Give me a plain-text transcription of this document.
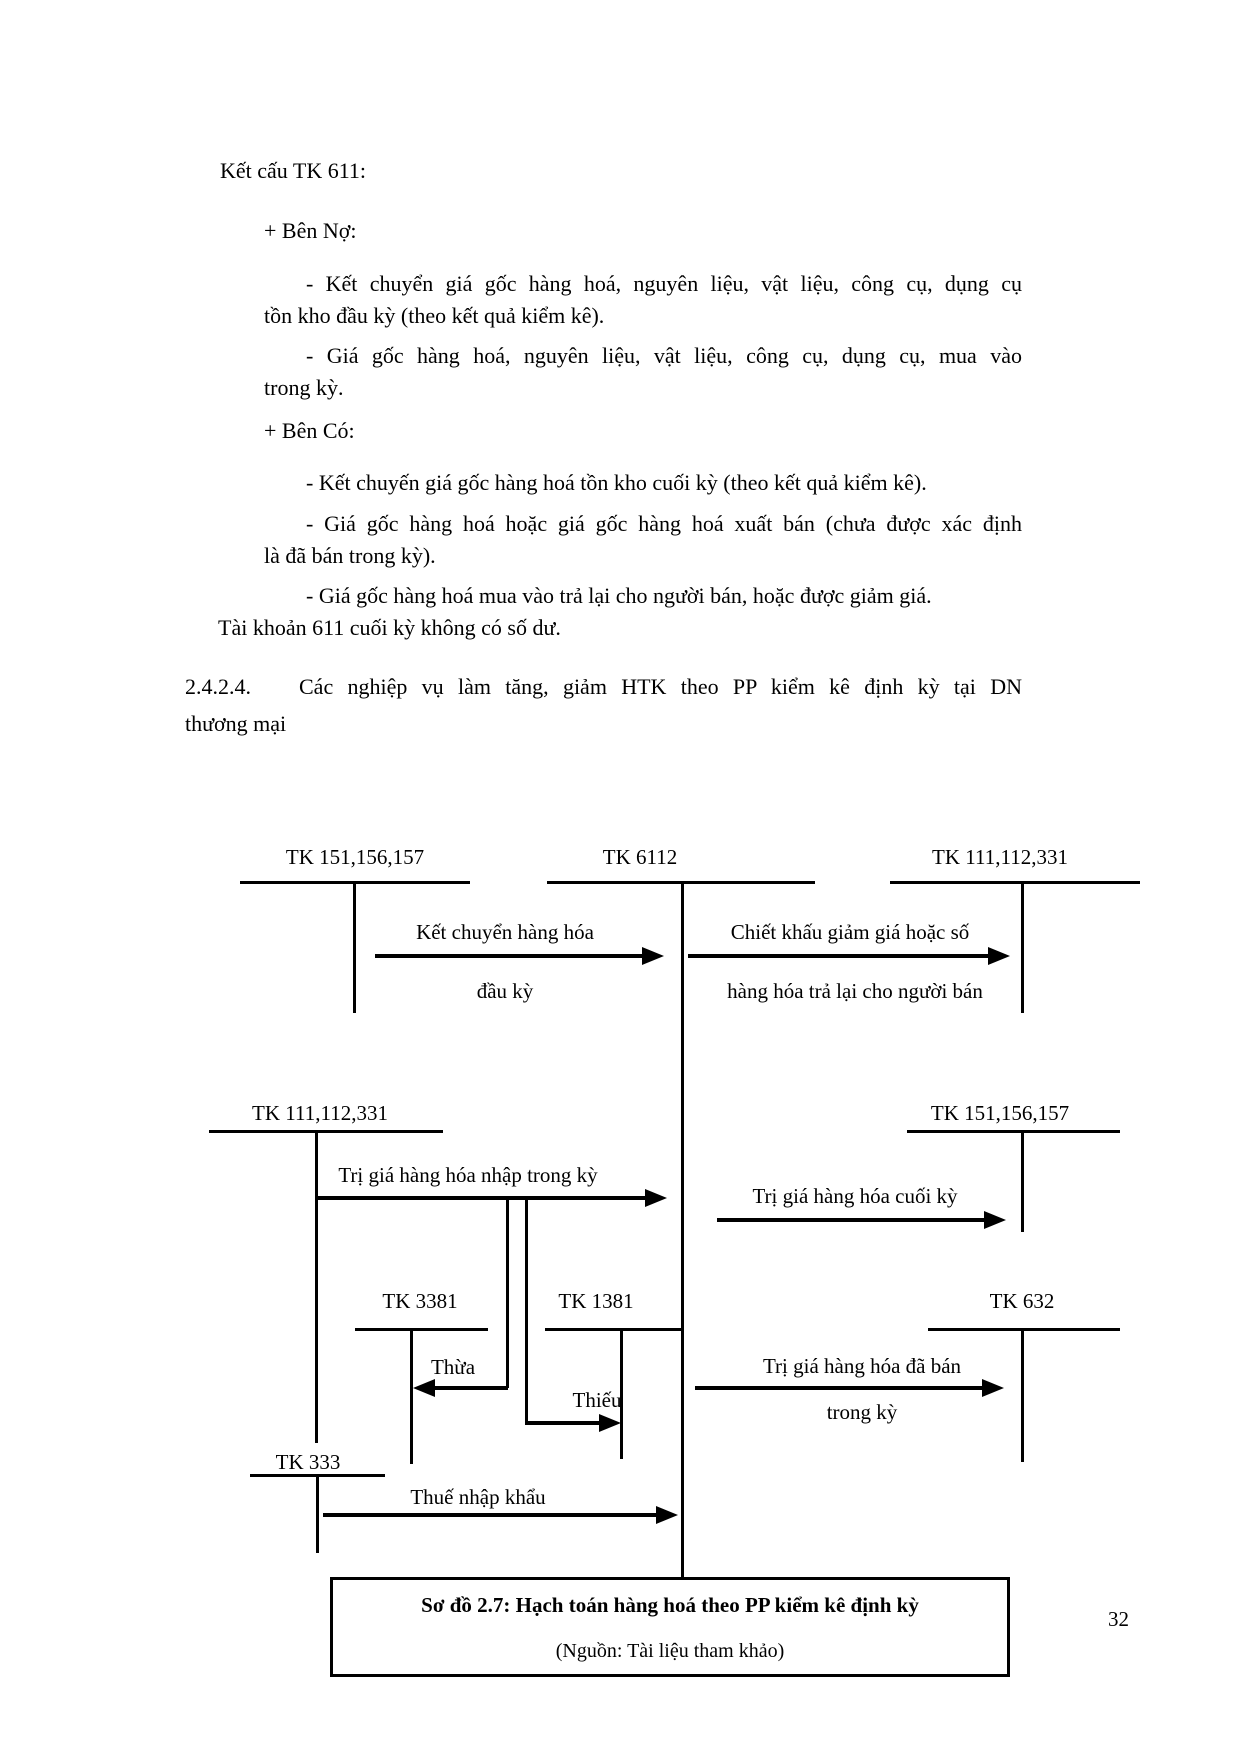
Kết cấu TK 611:
+ Bên Nợ:
- Kết chuyển giá gốc hàng hoá, nguyên liệu, vật liệu, công cụ, dụng cụ
tồn kho đầu kỳ (theo kết quả kiểm kê).
- Giá gốc hàng hoá, nguyên liệu, vật liệu, công cụ, dụng cụ, mua vào
trong kỳ.
+ Bên Có:
- Kết chuyến giá gốc hàng hoá tồn kho cuối kỳ (theo kết quả kiểm kê).
- Giá gốc hàng hoá hoặc giá gốc hàng hoá xuất bán (chưa được xác định
là đã bán trong kỳ).
- Giá gốc hàng hoá mua vào trả lại cho người bán, hoặc được giảm giá.
Tài khoản 611 cuối kỳ không có số dư.
2.4.2.4. Các nghiệp vụ làm tăng, giảm HTK theo PP kiểm kê định kỳ tại DN
thương mại
TK 151,156,157	TK 6112	TK 111,112,331
Kết chuyển hàng hóa
đầu kỳ
Chiết khấu giảm giá hoặc số
hàng hóa trả lại cho người bán
TK 111,112,331	TK 151,156,157
Trị giá hàng hóa nhập trong kỳ
Trị giá hàng hóa cuối kỳ
TK 3381	TK 1381	TK 632
Thừa
Thiếu
Trị giá hàng hóa đã bán
trong kỳ
TK 333
Thuế nhập khẩu
Sơ đồ 2.7: Hạch toán hàng hoá theo PP kiểm kê định kỳ
(Nguồn: Tài liệu tham khảo)
32
